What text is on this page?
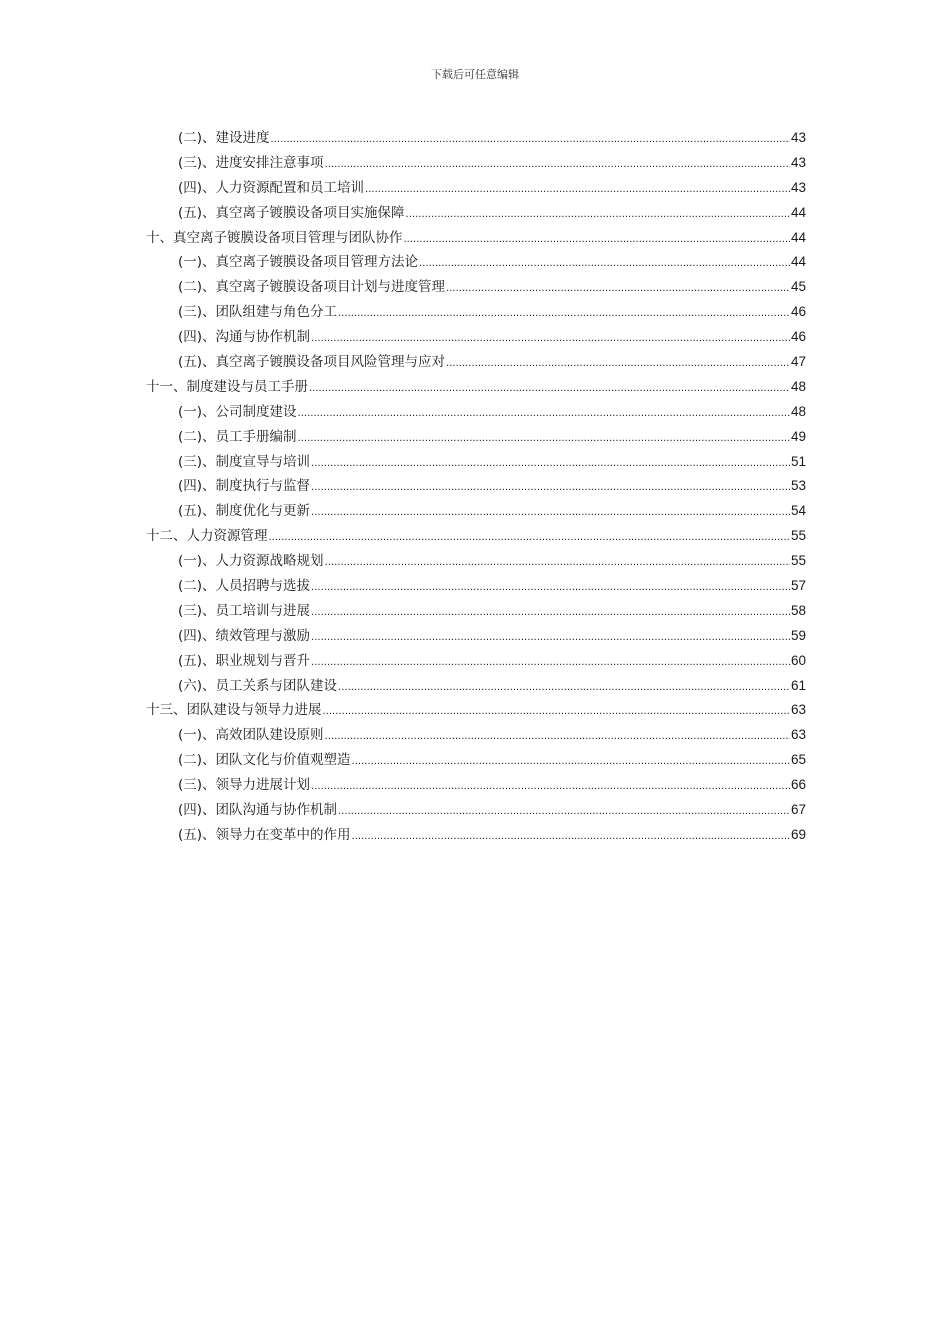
下载后可任意编辑
(二)、建设进度 .....	43
(三)、进度安排注意事项 .....	43
(四)、人力资源配置和员工培训 .....	43
(五)、真空离子镀膜设备项目实施保障 .....	44
十、真空离子镀膜设备项目管理与团队协作 .....	44
(一)、真空离子镀膜设备项目管理方法论 .....	44
(二)、真空离子镀膜设备项目计划与进度管理 .....	45
(三)、团队组建与角色分工 .....	46
(四)、沟通与协作机制 .....	46
(五)、真空离子镀膜设备项目风险管理与应对 .....	47
十一、制度建设与员工手册 .....	48
(一)、公司制度建设 .....	48
(二)、员工手册编制 .....	49
(三)、制度宣导与培训 .....	51
(四)、制度执行与监督 .....	53
(五)、制度优化与更新 .....	54
十二、人力资源管理 .....	55
(一)、人力资源战略规划 .....	55
(二)、人员招聘与选拔 .....	57
(三)、员工培训与进展 .....	58
(四)、绩效管理与激励 .....	59
(五)、职业规划与晋升 .....	60
(六)、员工关系与团队建设 .....	61
十三、团队建设与领导力进展 .....	63
(一)、高效团队建设原则 .....	63
(二)、团队文化与价值观塑造 .....	65
(三)、领导力进展计划 .....	66
(四)、团队沟通与协作机制 .....	67
(五)、领导力在变革中的作用 .....	69
